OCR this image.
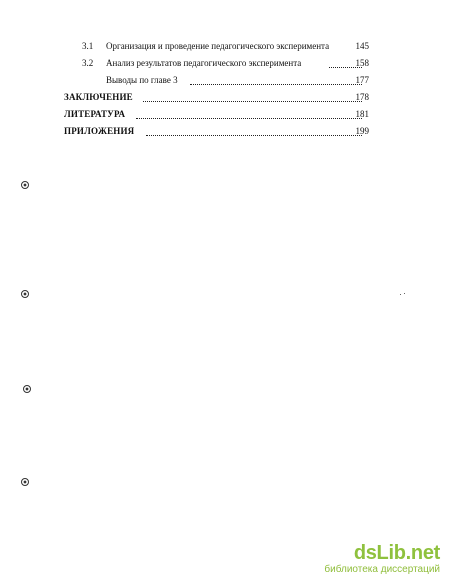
3.1 Организация и проведение педагогического эксперимента	145
3.2 Анализ результатов педагогического эксперимента	158
Выводы по главе 3	177
ЗАКЛЮЧЕНИЕ	178
ЛИТЕРАТУРА	181
ПРИЛОЖЕНИЯ	199
dsLib.net
библиотека диссертаций
